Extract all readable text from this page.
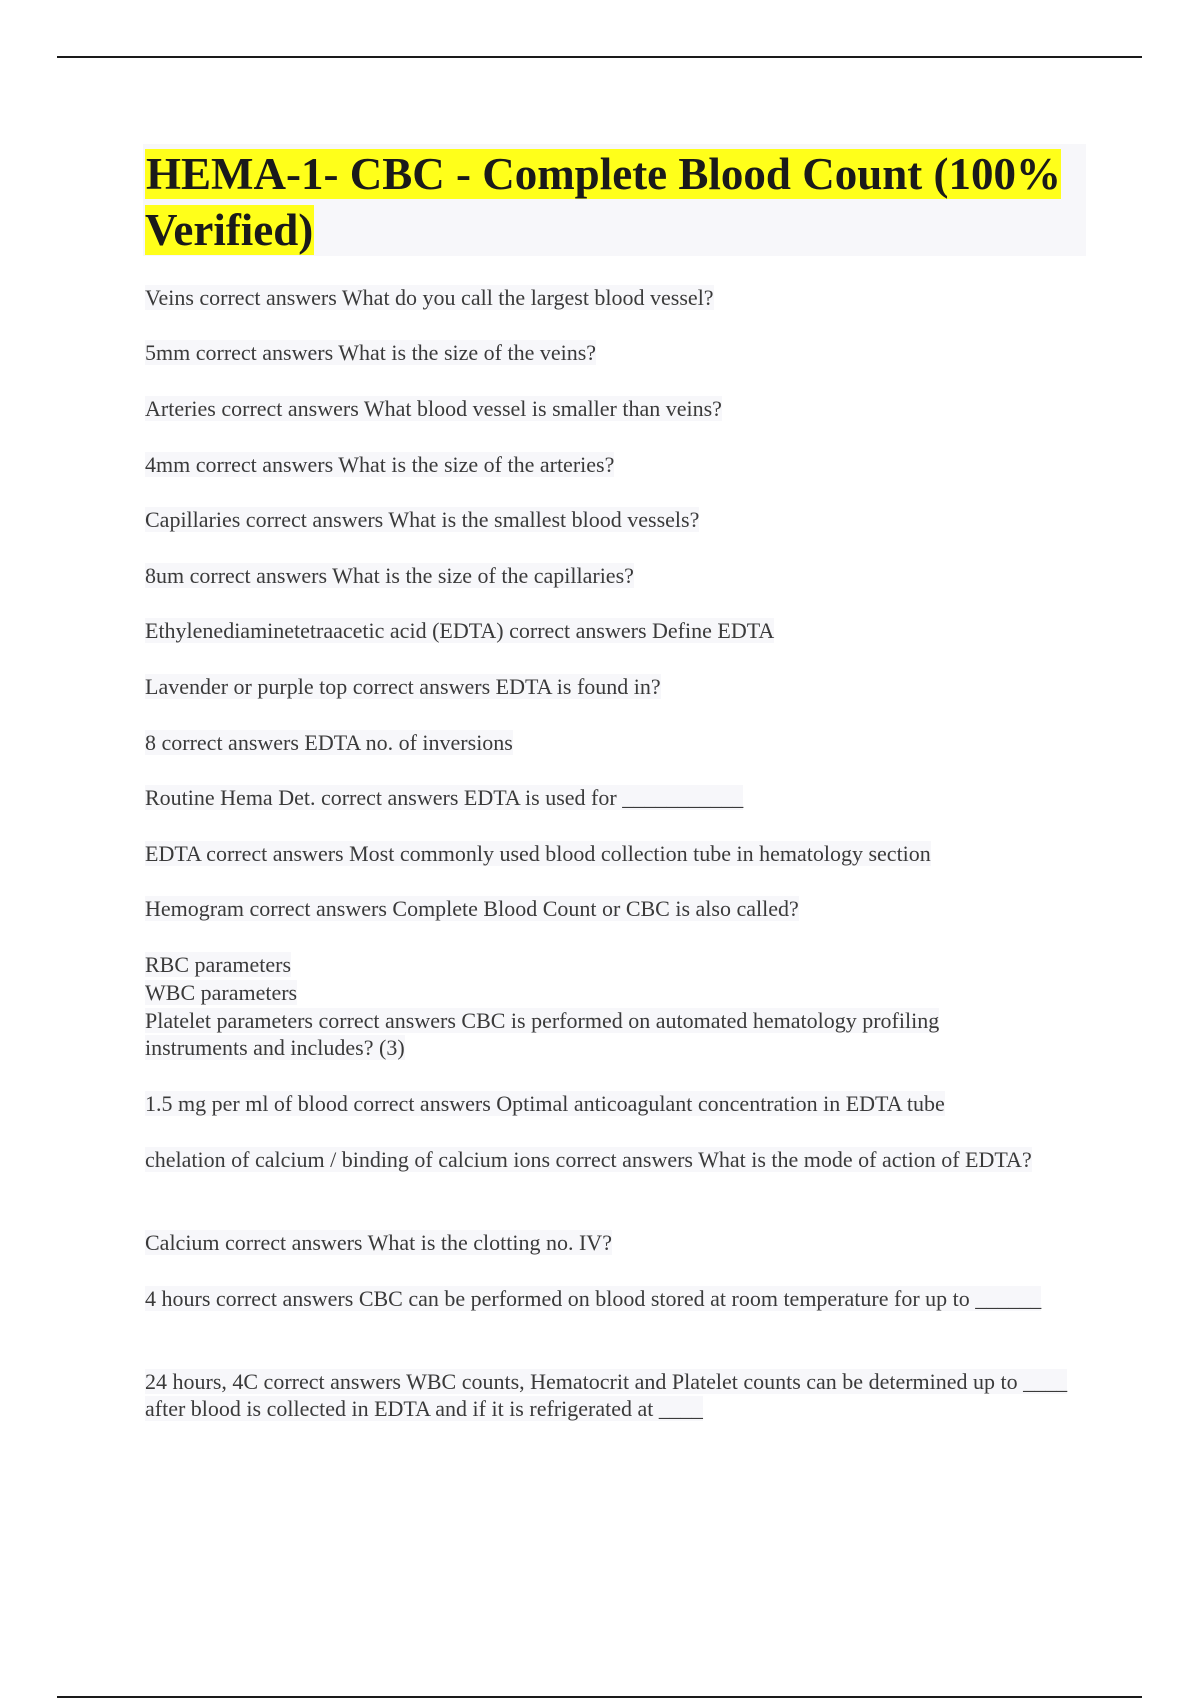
HEMA-1- CBC - Complete Blood Count (100% Verified)

Veins correct answers What do you call the largest blood vessel?

5mm correct answers What is the size of the veins?

Arteries correct answers What blood vessel is smaller than veins?

4mm correct answers What is the size of the arteries?

Capillaries correct answers What is the smallest blood vessels?

8um correct answers What is the size of the capillaries?

Ethylenediaminetetraacetic acid (EDTA) correct answers Define EDTA

Lavender or purple top correct answers EDTA is found in?

8 correct answers EDTA no. of inversions

Routine Hema Det. correct answers EDTA is used for ___________

EDTA correct answers Most commonly used blood collection tube in hematology section

Hemogram correct answers Complete Blood Count or CBC is also called?

RBC parameters

WBC parameters

Platelet parameters correct answers CBC is performed on automated hematology profiling instruments and includes? (3)

1.5 mg per ml of blood correct answers Optimal anticoagulant concentration in EDTA tube

chelation of calcium / binding of calcium ions correct answers What is the mode of action of EDTA?

Calcium correct answers What is the clotting no. IV?

4 hours correct answers CBC can be performed on blood stored at room temperature for up to ______

24 hours, 4C correct answers WBC counts, Hematocrit and Platelet counts can be determined up to ____ after blood is collected in EDTA and if it is refrigerated at ____
